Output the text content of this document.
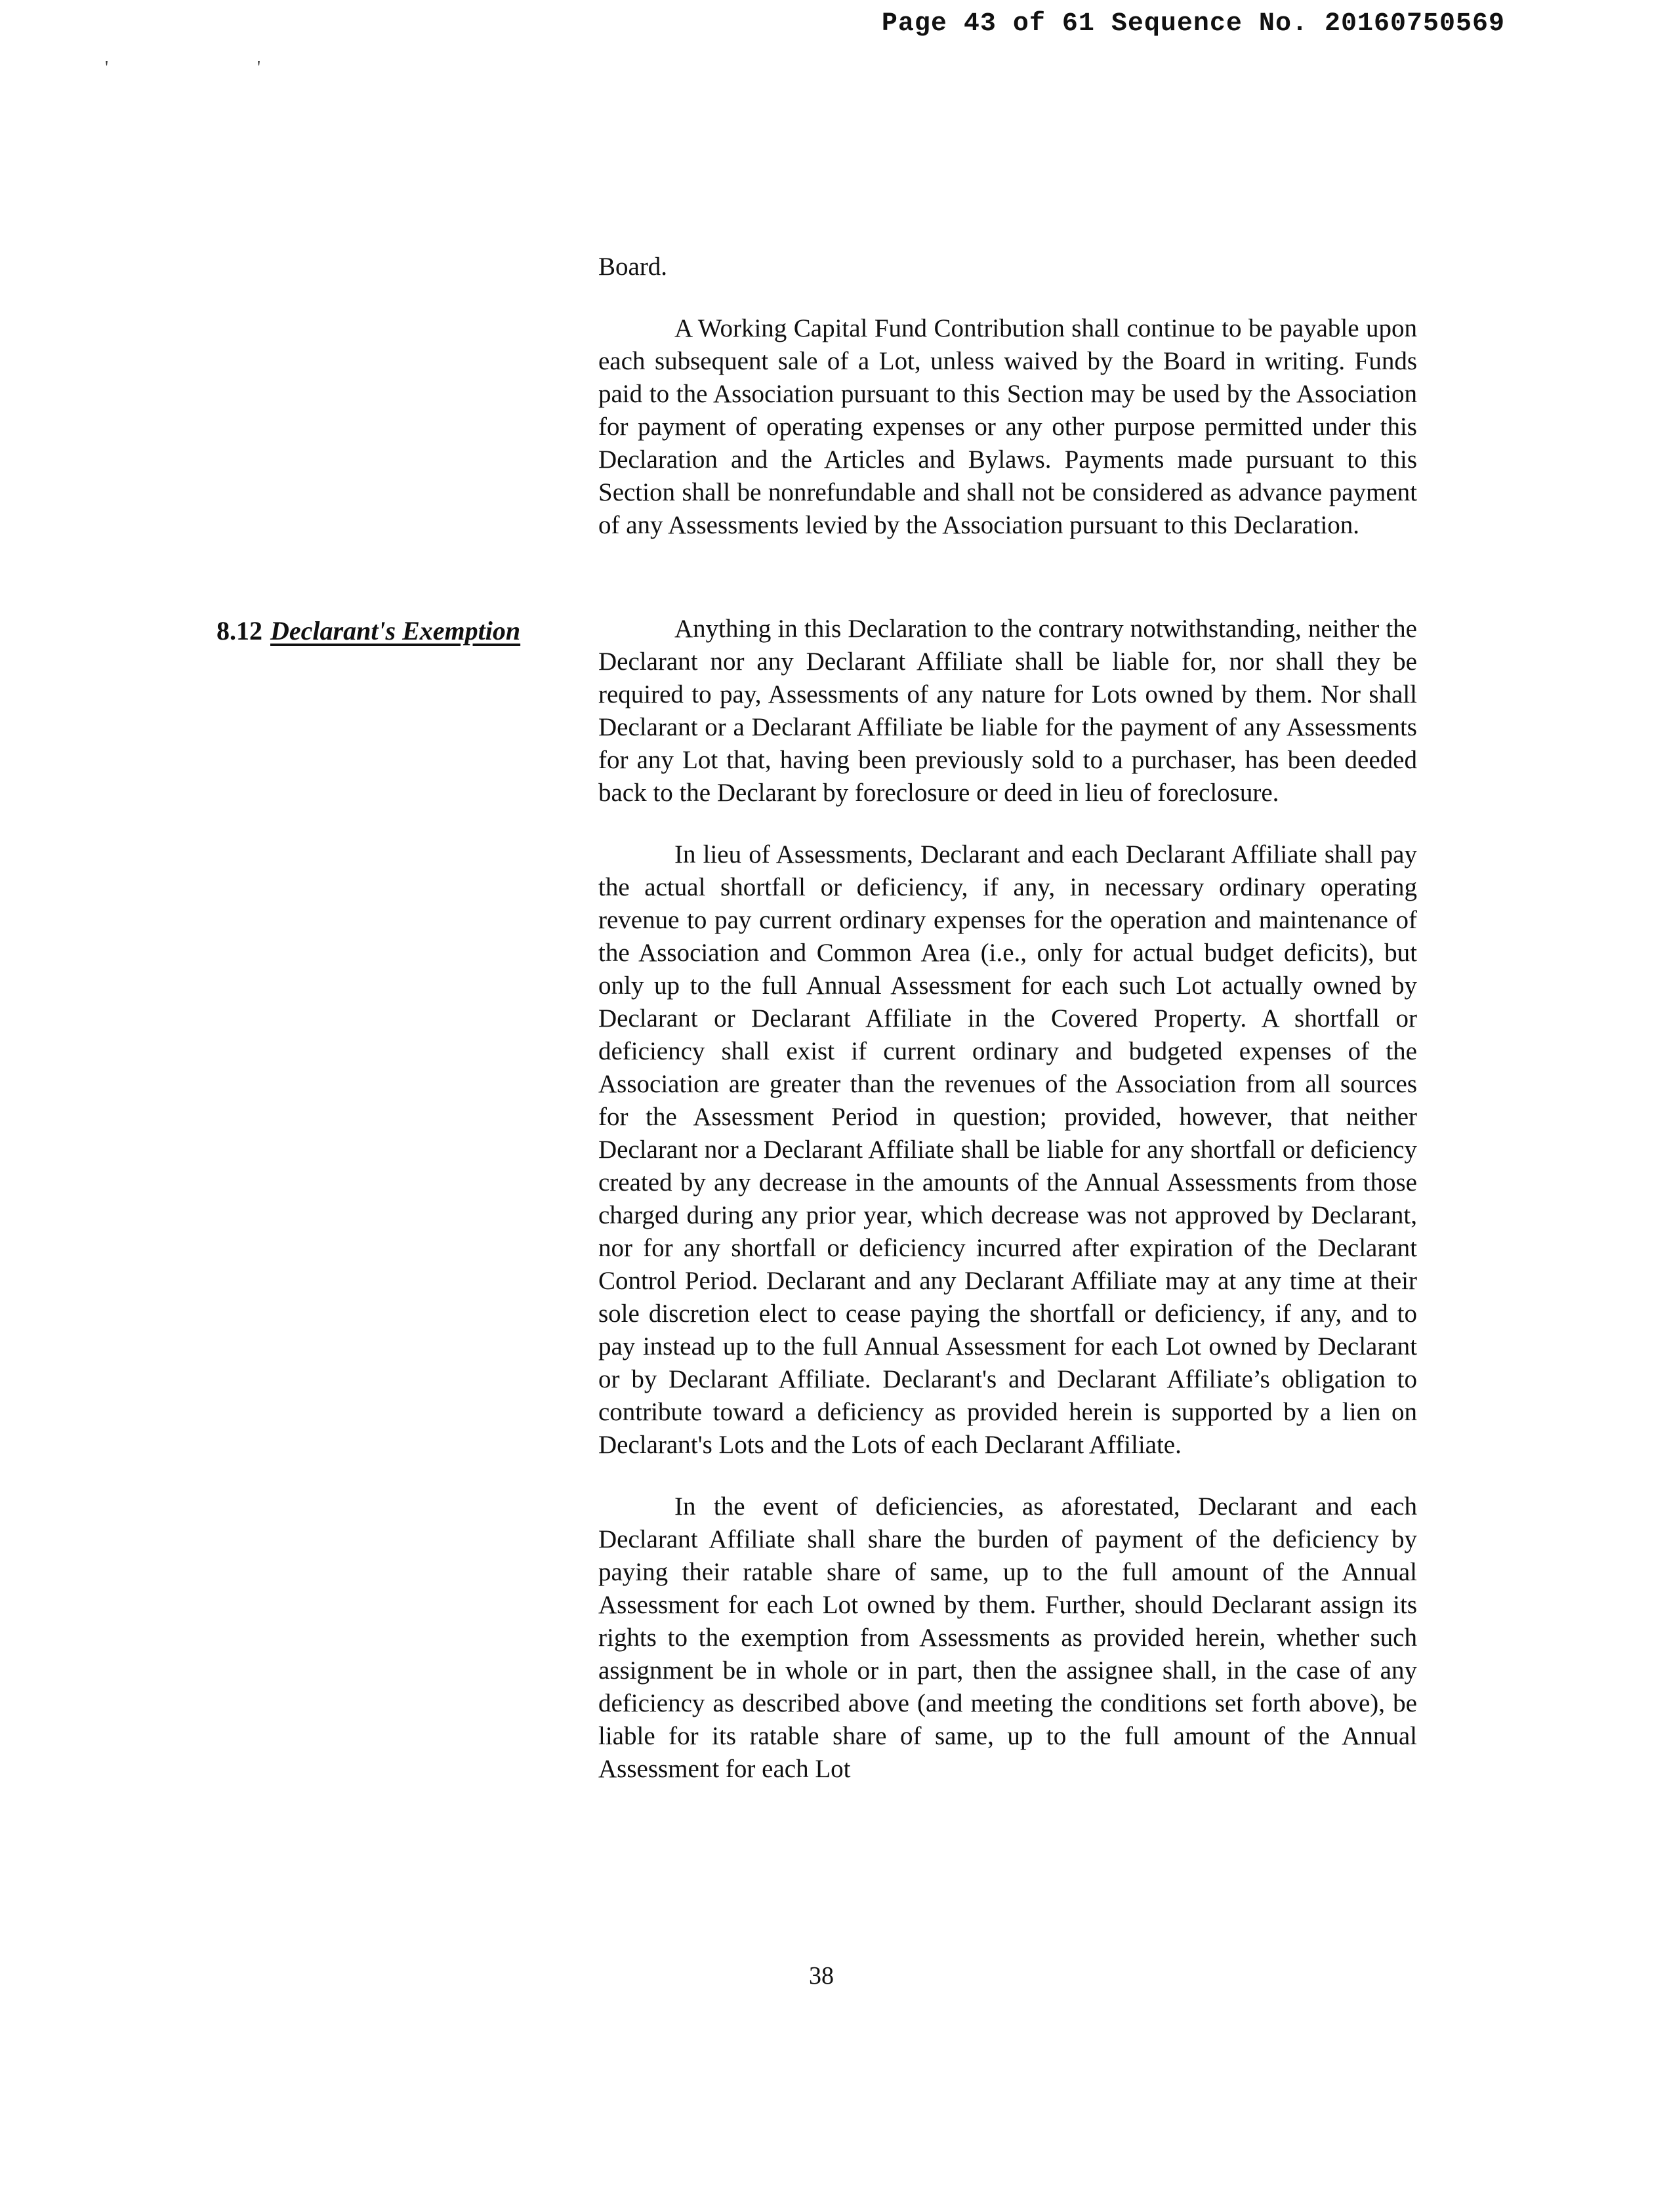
Page 43 of 61 Sequence No. 20160750569
' '

Board.

A Working Capital Fund Contribution shall continue to be payable upon each subsequent sale of a Lot, unless waived by the Board in writing. Funds paid to the Association pursuant to this Section may be used by the Association for payment of operating expenses or any other purpose permitted under this Declaration and the Articles and Bylaws. Payments made pursuant to this Section shall be nonrefundable and shall not be considered as advance payment of any Assessments levied by the Association pursuant to this Declaration.

8.12 Declarant's Exemption	Anything in this Declaration to the contrary notwithstanding, neither the Declarant nor any Declarant Affiliate shall be liable for, nor shall they be required to pay, Assessments of any nature for Lots owned by them. Nor shall Declarant or a Declarant Affiliate be liable for the payment of any Assessments for any Lot that, having been previously sold to a purchaser, has been deeded back to the Declarant by foreclosure or deed in lieu of foreclosure.

In lieu of Assessments, Declarant and each Declarant Affiliate shall pay the actual shortfall or deficiency, if any, in necessary ordinary operating revenue to pay current ordinary expenses for the operation and maintenance of the Association and Common Area (i.e., only for actual budget deficits), but only up to the full Annual Assessment for each such Lot actually owned by Declarant or Declarant Affiliate in the Covered Property. A shortfall or deficiency shall exist if current ordinary and budgeted expenses of the Association are greater than the revenues of the Association from all sources for the Assessment Period in question; provided, however, that neither Declarant nor a Declarant Affiliate shall be liable for any shortfall or deficiency created by any decrease in the amounts of the Annual Assessments from those charged during any prior year, which decrease was not approved by Declarant, nor for any shortfall or deficiency incurred after expiration of the Declarant Control Period. Declarant and any Declarant Affiliate may at any time at their sole discretion elect to cease paying the shortfall or deficiency, if any, and to pay instead up to the full Annual Assessment for each Lot owned by Declarant or by Declarant Affiliate. Declarant's and Declarant Affiliate’s obligation to contribute toward a deficiency as provided herein is supported by a lien on Declarant's Lots and the Lots of each Declarant Affiliate.

In the event of deficiencies, as aforestated, Declarant and each Declarant Affiliate shall share the burden of payment of the deficiency by paying their ratable share of same, up to the full amount of the Annual Assessment for each Lot owned by them. Further, should Declarant assign its rights to the exemption from Assessments as provided herein, whether such assignment be in whole or in part, then the assignee shall, in the case of any deficiency as described above (and meeting the conditions set forth above), be liable for its ratable share of same, up to the full amount of the Annual Assessment for each Lot

38
